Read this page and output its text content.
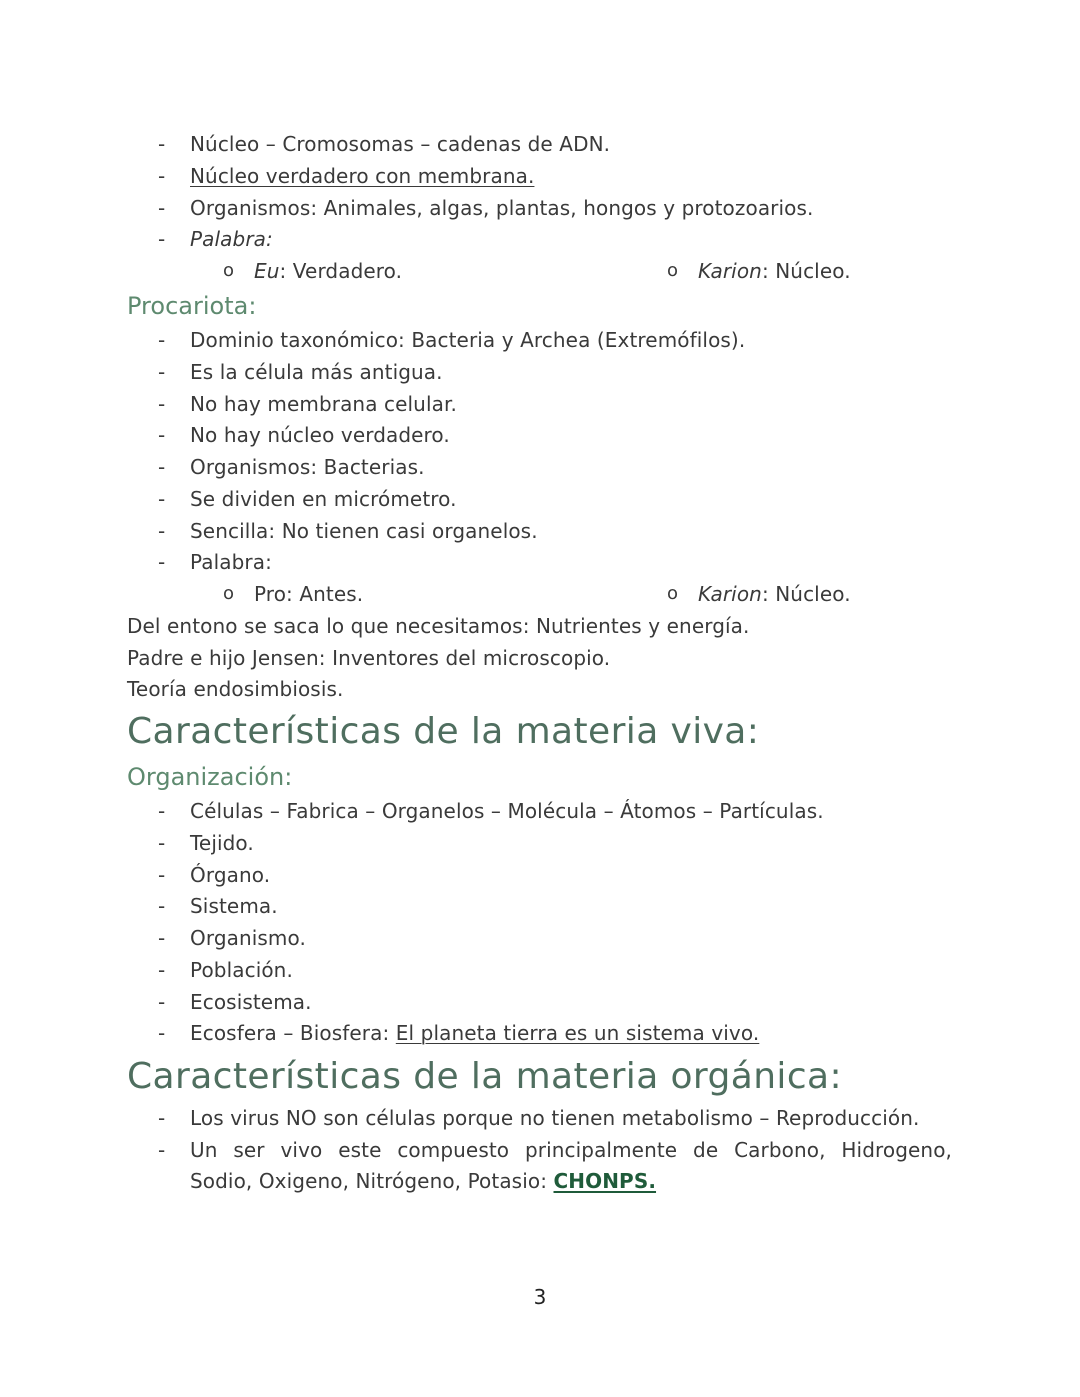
- Núcleo – Cromosomas – cadenas de ADN.
- Núcleo verdadero con membrana.
- Organismos: Animales, algas, plantas, hongos y protozoarios.
- Palabra:
o Eu: Verdadero.	o Karion: Núcleo.
Procariota:
- Dominio taxonómico: Bacteria y Archea (Extremófilos).
- Es la célula más antigua.
- No hay membrana celular.
- No hay núcleo verdadero.
- Organismos: Bacterias.
- Se dividen en micrómetro.
- Sencilla: No tienen casi organelos.
- Palabra:
o Pro: Antes.	o Karion: Núcleo.
Del entono se saca lo que necesitamos: Nutrientes y energía.
Padre e hijo Jensen: Inventores del microscopio.
Teoría endosimbiosis.
Características de la materia viva:
Organización:
- Células – Fabrica – Organelos – Molécula – Átomos – Partículas.
- Tejido.
- Órgano.
- Sistema.
- Organismo.
- Población.
- Ecosistema.
- Ecosfera – Biosfera: El planeta tierra es un sistema vivo.
Características de la materia orgánica:
- Los virus NO son células porque no tienen metabolismo – Reproducción.
- Un ser vivo este compuesto principalmente de Carbono, Hidrogeno,
Sodio, Oxigeno, Nitrógeno, Potasio: CHONPS.
3
